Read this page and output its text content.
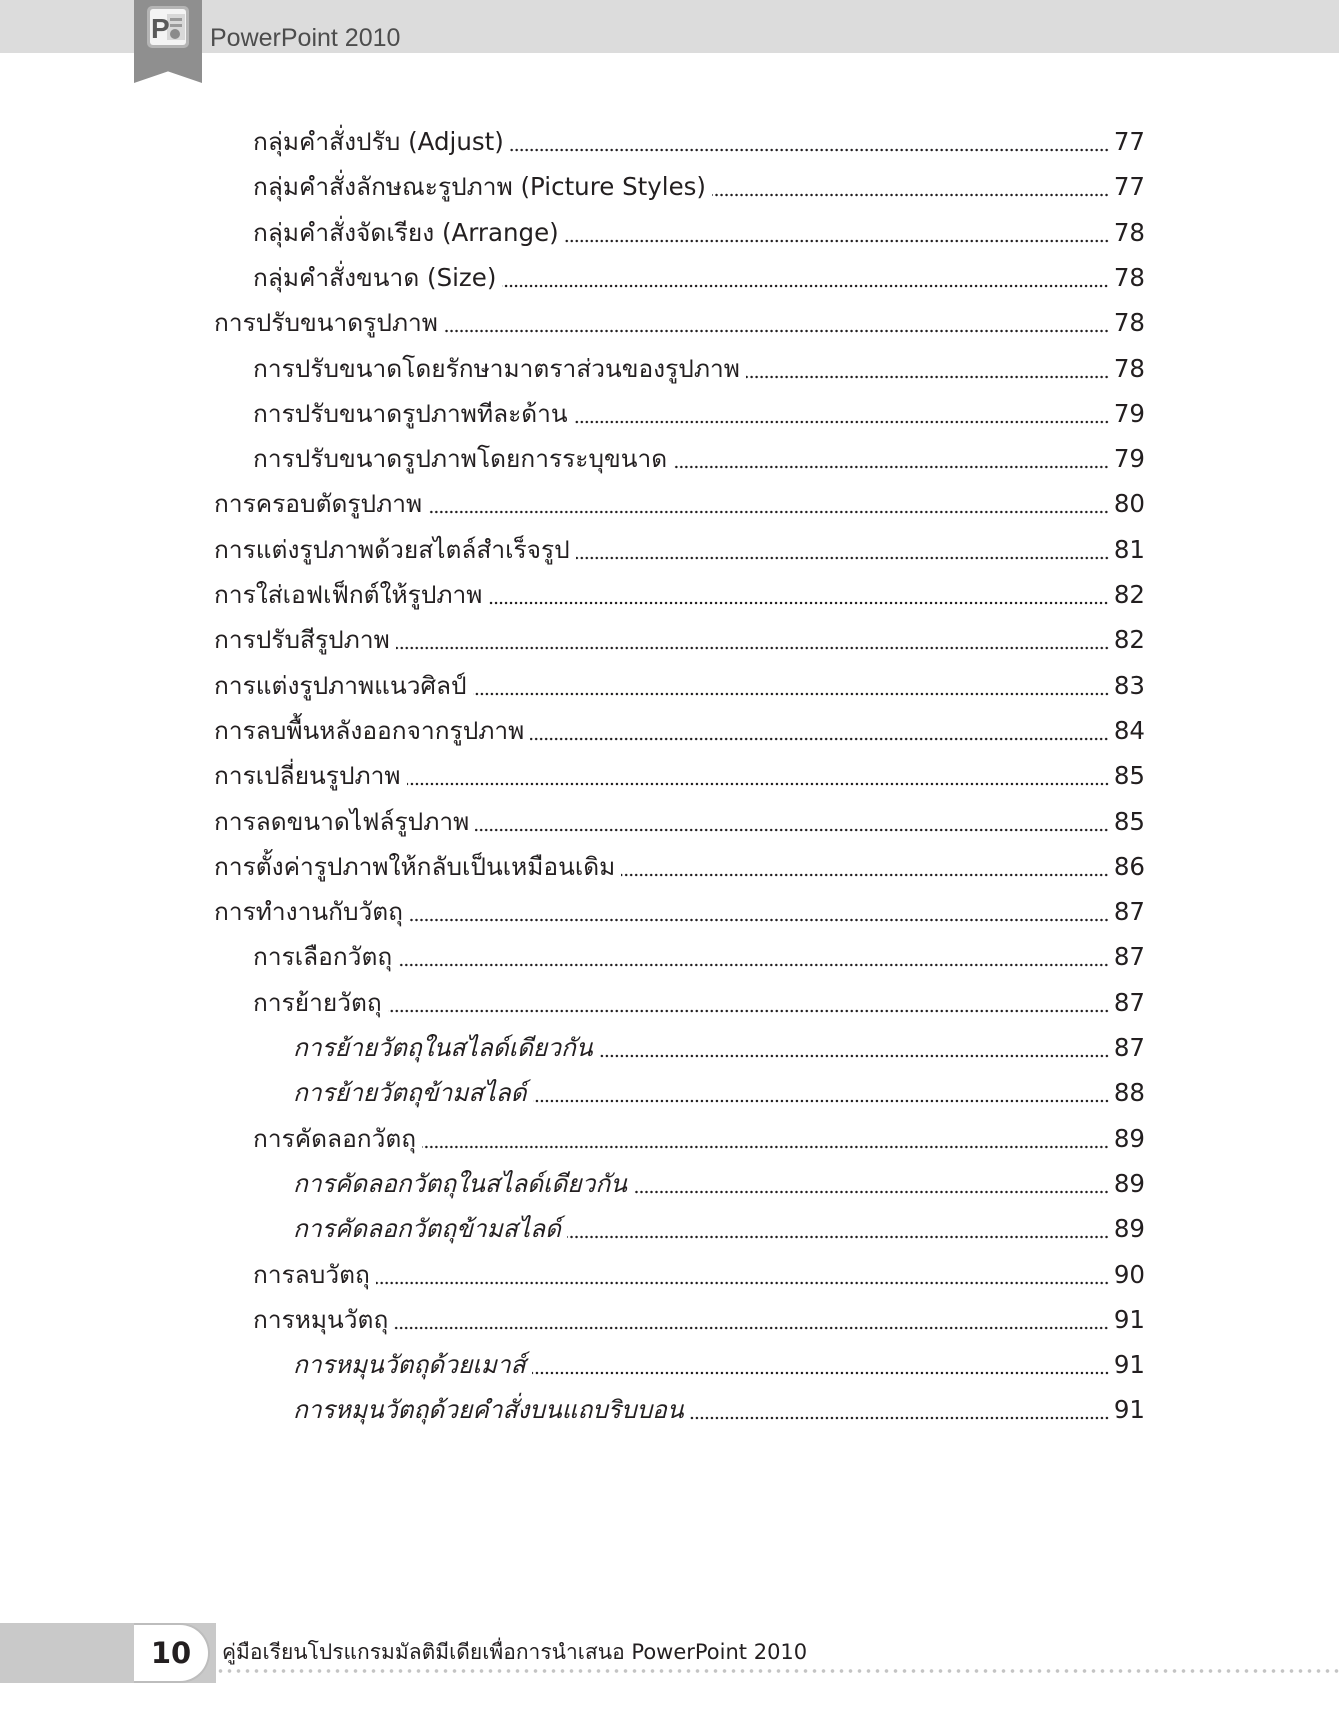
P PowerPoint 2010
กลุ่มคำสั่งปรับ (Adjust)	77
กลุ่มคำสั่งลักษณะรูปภาพ (Picture Styles)	77
กลุ่มคำสั่งจัดเรียง (Arrange)	78
กลุ่มคำสั่งขนาด (Size)	78
การปรับขนาดรูปภาพ	78
การปรับขนาดโดยรักษามาตราส่วนของรูปภาพ	78
การปรับขนาดรูปภาพทีละด้าน	79
การปรับขนาดรูปภาพโดยการระบุขนาด	79
การครอบตัดรูปภาพ	80
การแต่งรูปภาพด้วยสไตล์สำเร็จรูป	81
การใส่เอฟเฟ็กต์ให้รูปภาพ	82
การปรับสีรูปภาพ	82
การแต่งรูปภาพแนวศิลป์	83
การลบพื้นหลังออกจากรูปภาพ	84
การเปลี่ยนรูปภาพ	85
การลดขนาดไฟล์รูปภาพ	85
การตั้งค่ารูปภาพให้กลับเป็นเหมือนเดิม	86
การทำงานกับวัตถุ	87
การเลือกวัตถุ	87
การย้ายวัตถุ	87
การย้ายวัตถุในสไลด์เดียวกัน	87
การย้ายวัตถุข้ามสไลด์	88
การคัดลอกวัตถุ	89
การคัดลอกวัตถุในสไลด์เดียวกัน	89
การคัดลอกวัตถุข้ามสไลด์	89
การลบวัตถุ	90
การหมุนวัตถุ	91
การหมุนวัตถุด้วยเมาส์	91
การหมุนวัตถุด้วยคำสั่งบนแถบริบบอน	91
10 คู่มือเรียนโปรแกรมมัลติมีเดียเพื่อการนำเสนอ PowerPoint 2010
